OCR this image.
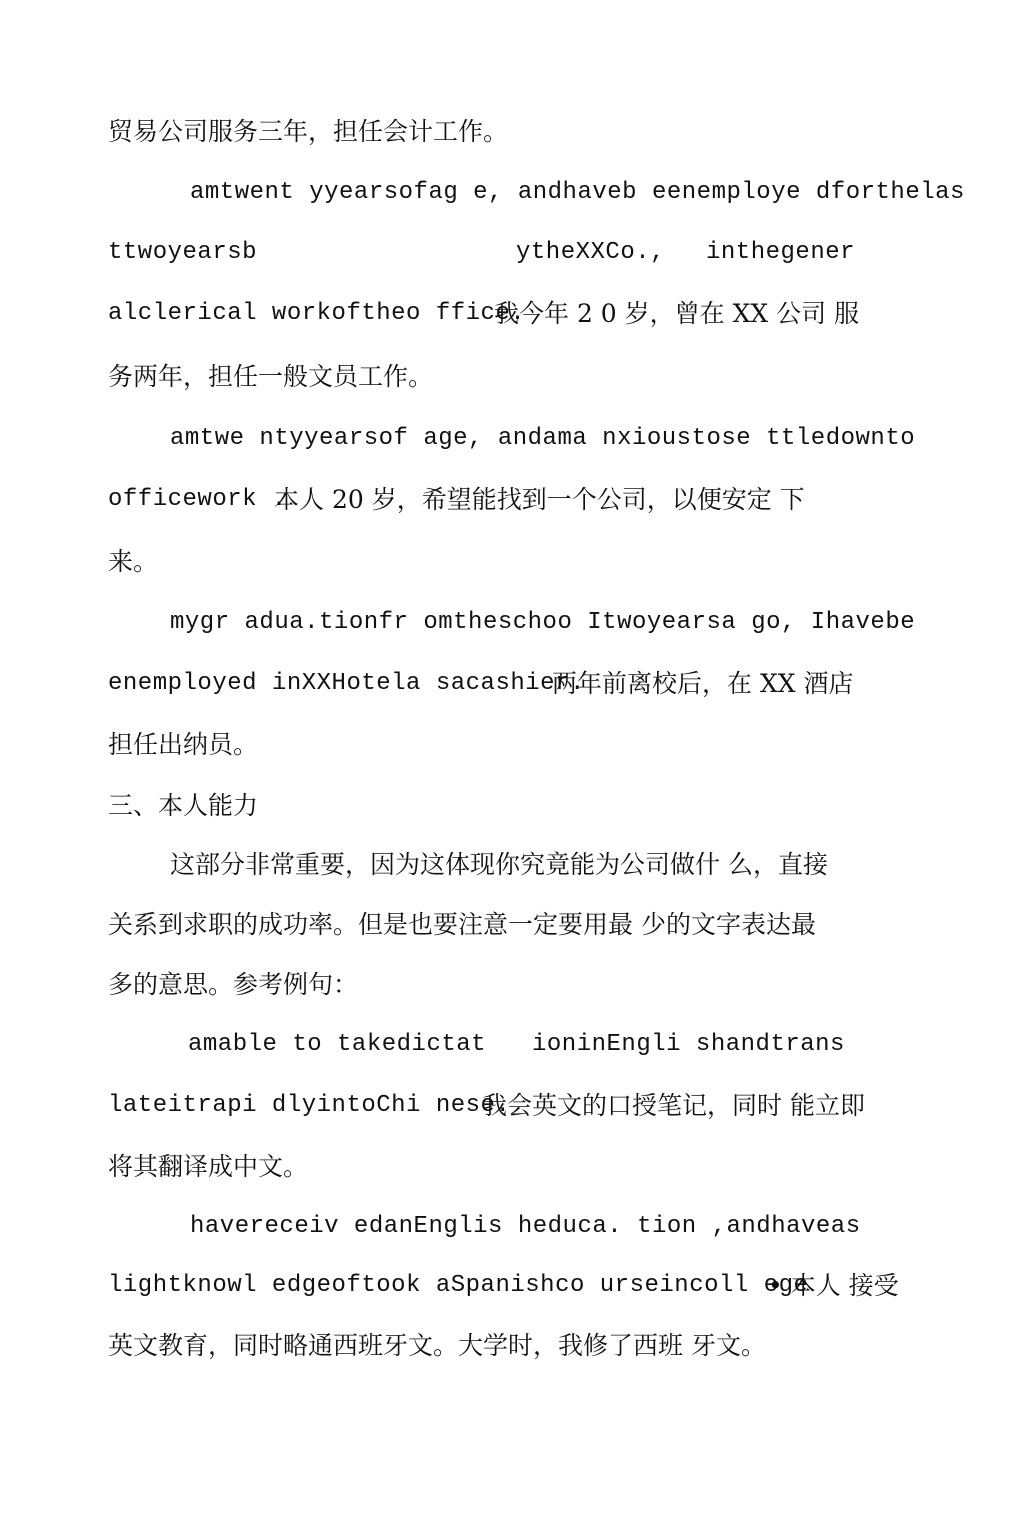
贸易公司服务三年，担任会计工作。
amtwent yyearsofag e, andhaveb eenemploye dforthelas
ttwoyearsb	ytheXXCo., inthegener
alclerical workoftheo ffice.
我今年 2 0 岁，曾在 XX 公司 服
务两年，担任一般文员工作。
amtwe ntyyearsof age, andama nxioustose ttledownto
officework .
本人 20 岁，希望能找到一个公司，以便安定 下
来。
mygr adua.tionfr omtheschoo Itwoyearsa go, Ihavebe
enemployed inXXHotela sacashier.
两年前离校后，在 XX 酒店
担任出纳员。
三、本人能力
这部分非常重要，因为这体现你究竟能为公司做什 么，直接
关系到求职的成功率。但是也要注意一定要用最 少的文字表达最
多的意思。参考例句：
amable to takedictat ioninEngli shandtrans
lateitrapi dlyintoChi nese.
我会英文的口授笔记，同时 能立即
将其翻译成中文。
havereceiv edanEnglis heduca. tion ,andhaveas
lightknowl edgeoftook aSpanishco urseincoll ege
• 本人 接受
英文教育，同时略通西班牙文。大学时，我修了西班 牙文。
